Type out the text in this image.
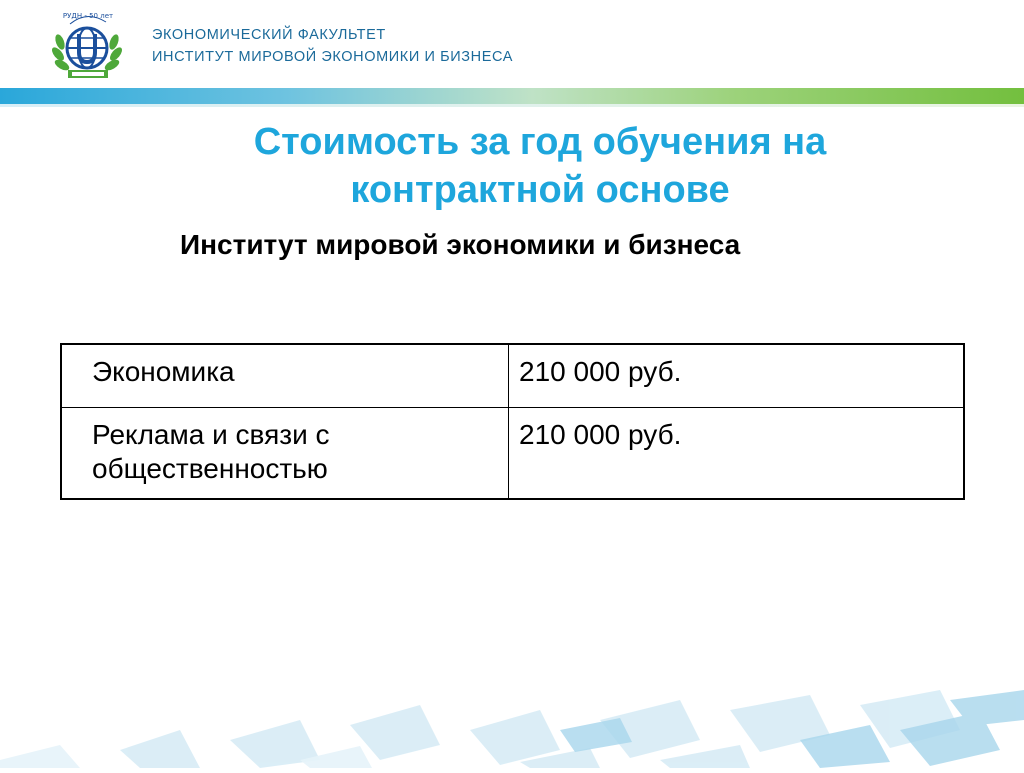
РУДН - 50 лет
ЭКОНОМИЧЕСКИЙ ФАКУЛЬТЕТ
ИНСТИТУТ МИРОВОЙ ЭКОНОМИКИ И БИЗНЕСА
Стоимость за год обучения на
контрактной основе
Институт мировой экономики и бизнеса
Экономика	210 000 руб.

Реклама и связи с
общественностью	210 000 руб.
